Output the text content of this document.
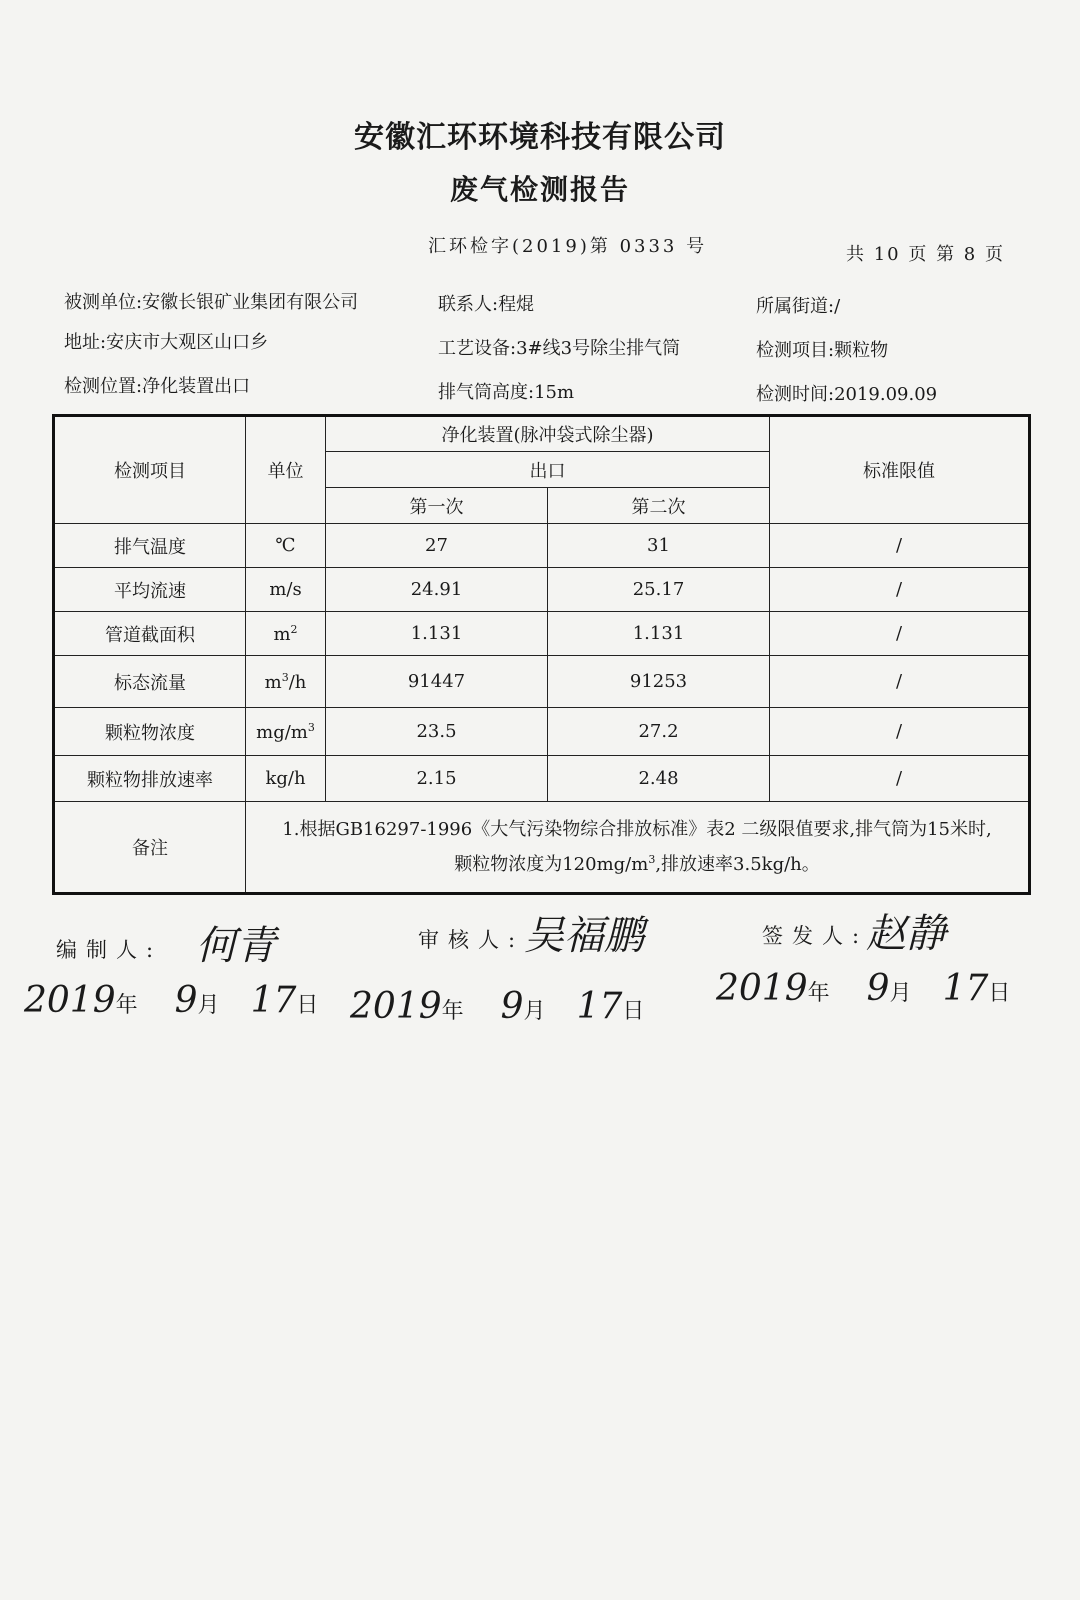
安徽汇环环境科技有限公司
废气检测报告
汇环检字(2019)第 0333 号	共 10 页 第 8 页
被测单位:安徽长银矿业集团有限公司	联系人:程焜	所属街道:/
地址:安庆市大观区山口乡	工艺设备:3#线3号除尘排气筒	检测项目:颗粒物
检测位置:净化装置出口	排气筒高度:15m	检测时间:2019.09.09
检测项目	单位	净化装置(脉冲袋式除尘器)		标准限值
		出口		
		第一次	第二次	
排气温度	℃	27	31	/
平均流速	m/s	24.91	25.17	/
管道截面积	$m^2$	1.131	1.131	/
标态流量	$m^3/h$	91447	91253	/
颗粒物浓度	$mg/m^3$	23.5	27.2	/
颗粒物排放速率	kg/h	2.15	2.48	/
备注	1.根据GB16297-1996《大气污染物综合排放标准》表2 二级限值要求,排气筒为15米时,
颗粒物浓度为$120mg/m^3$,排放速率3.5kg/h。			
编制人: 何青	审核人: 吴福鹏	签发人:
赵静
2019年 9月 17日 2019年 9月 17日
2019年 9月 17日
